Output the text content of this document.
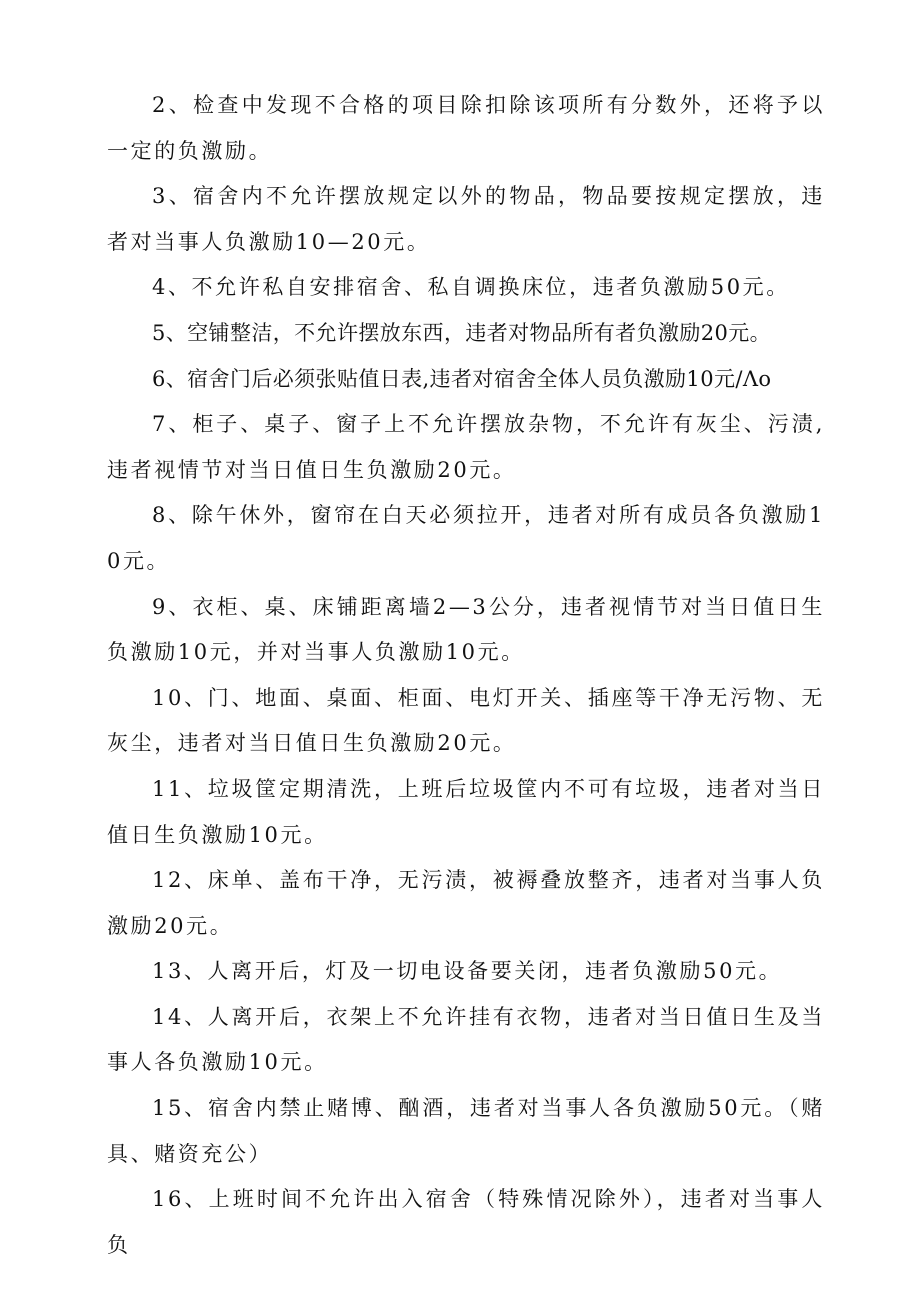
2、检查中发现不合格的项目除扣除该项所有分数外，还将予以一定的负激励。

3、宿舍内不允许摆放规定以外的物品，物品要按规定摆放，违者对当事人负激励10—20元。

4、不允许私自安排宿舍、私自调换床位，违者负激励50元。

5、空铺整洁，不允许摆放东西，违者对物品所有者负激励20元。

6、宿舍门后必须张贴值日表,违者对宿舍全体人员负激励10元/Λo

7、柜子、桌子、窗子上不允许摆放杂物，不允许有灰尘、污渍,违者视情节对当日值日生负激励20元。

8、除午休外，窗帘在白天必须拉开，违者对所有成员各负激励10元。

9、衣柜、桌、床铺距离墙2—3公分，违者视情节对当日值日生负激励10元，并对当事人负激励10元。

10、门、地面、桌面、柜面、电灯开关、插座等干净无污物、无灰尘，违者对当日值日生负激励20元。

11、垃圾筐定期清洗，上班后垃圾筐内不可有垃圾，违者对当日值日生负激励10元。

12、床单、盖布干净，无污渍，被褥叠放整齐，违者对当事人负激励20元。

13、人离开后，灯及一切电设备要关闭，违者负激励50元。

14、人离开后，衣架上不允许挂有衣物，违者对当日值日生及当事人各负激励10元。

15、宿舍内禁止赌博、酗酒，违者对当事人各负激励50元。（赌具、赌资充公）

16、上班时间不允许出入宿舍（特殊情况除外），违者对当事人负
